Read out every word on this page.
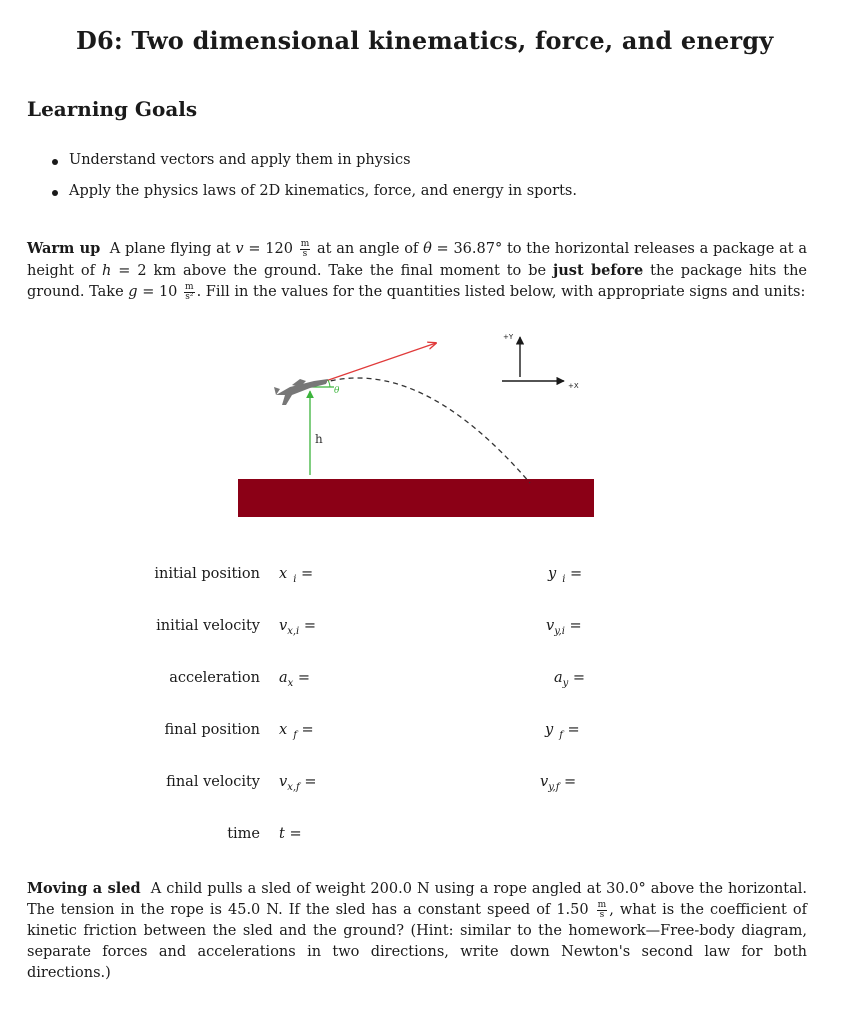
D6: Two dimensional kinematics, force, and energy
Learning Goals
Understand vectors and apply them in physics
Apply the physics laws of 2D kinematics, force, and energy in sports.

Warm up A plane flying at $v = 120 \frac{m}{s}$ at an angle of θ = 36.87° to the horizontal releases a package at a height of h = 2 km above the ground. Take the final moment to be just before the package hits the ground. Take $g = 10 \frac{m}{\text{s²}}$ . Fill in the values for the quantities listed below, with appropriate signs and units:

θ
h
+Y
+X
initial position x $_i$ =	y $_i$ =
initial velocity $v_{x,i}$ =	$v_{y,i}$ =
acceleration $a_x$ =	$a_y$ =
final position x $_f$ =	y $_f$ =
final velocity $v_{x,f}$ =	$v_{y,f}$ =
time t =

Moving a sled A child pulls a sled of weight 200.0 N using a rope angled at 30.0° above the horizontal. The tension in the rope is 45.0 N. If the sled has a constant speed of $1.50 \frac{m}{s}$ , what is the coefficient of kinetic friction between the sled and the ground? (Hint: similar to the homework—Free-body diagram, separate forces and accelerations in two directions, write down Newton's second law for both directions.)
